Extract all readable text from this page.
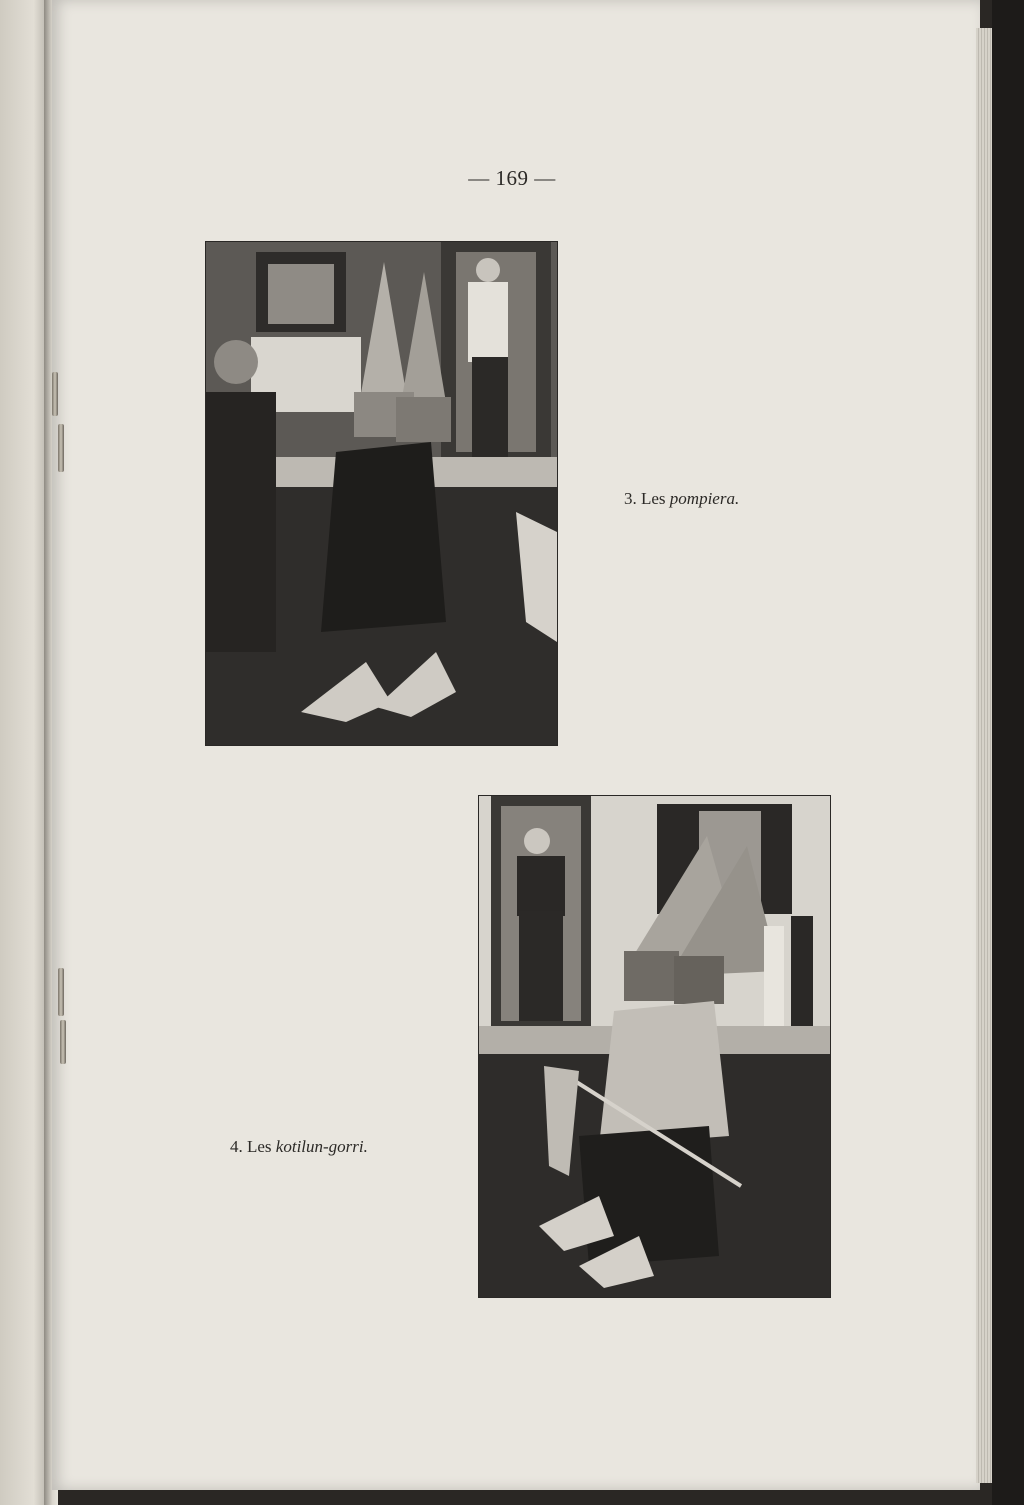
— 169 —
3. Les pompiera.
4. Les kotilun-gorri.
